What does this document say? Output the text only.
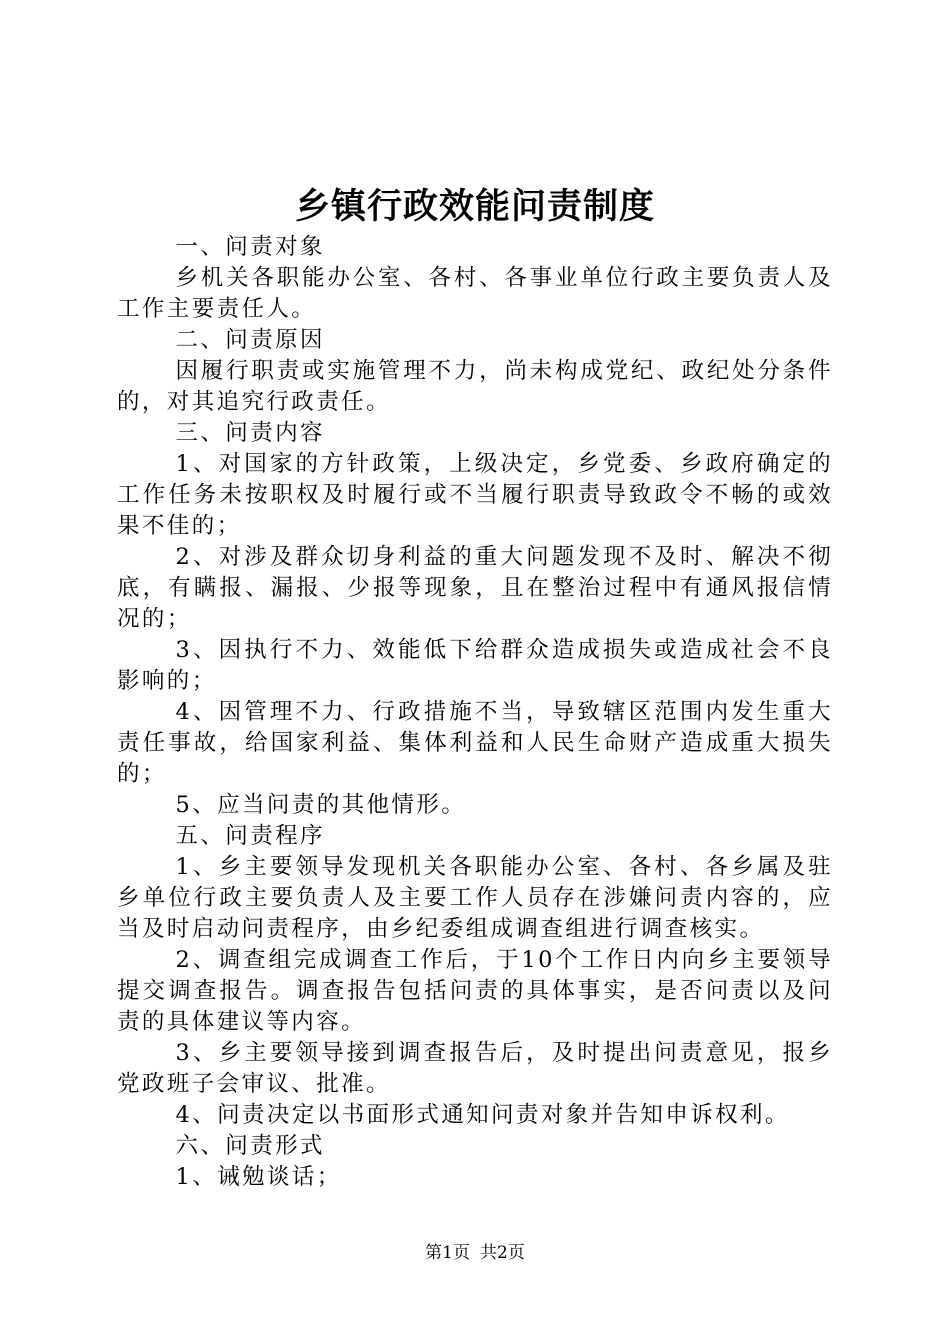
乡镇行政效能问责制度

一、问责对象

乡机关各职能办公室、各村、各事业单位行政主要负责人及工作主要责任人。

二、问责原因

因履行职责或实施管理不力，尚未构成党纪、政纪处分条件的，对其追究行政责任。

三、问责内容

1、对国家的方针政策，上级决定，乡党委、乡政府确定的工作任务未按职权及时履行或不当履行职责导致政令不畅的或效果不佳的；

2、对涉及群众切身利益的重大问题发现不及时、解决不彻底，有瞒报、漏报、少报等现象，且在整治过程中有通风报信情况的；

3、因执行不力、效能低下给群众造成损失或造成社会不良影响的；

4、因管理不力、行政措施不当，导致辖区范围内发生重大责任事故，给国家利益、集体利益和人民生命财产造成重大损失的；

5、应当问责的其他情形。

五、问责程序

1、乡主要领导发现机关各职能办公室、各村、各乡属及驻乡单位行政主要负责人及主要工作人员存在涉嫌问责内容的，应当及时启动问责程序，由乡纪委组成调查组进行调查核实。

2、调查组完成调查工作后，于10个工作日内向乡主要领导提交调查报告。调查报告包括问责的具体事实，是否问责以及问责的具体建议等内容。

3、乡主要领导接到调查报告后，及时提出问责意见，报乡党政班子会审议、批准。

4、问责决定以书面形式通知问责对象并告知申诉权利。

六、问责形式

1、诫勉谈话；

第1页 共2页
